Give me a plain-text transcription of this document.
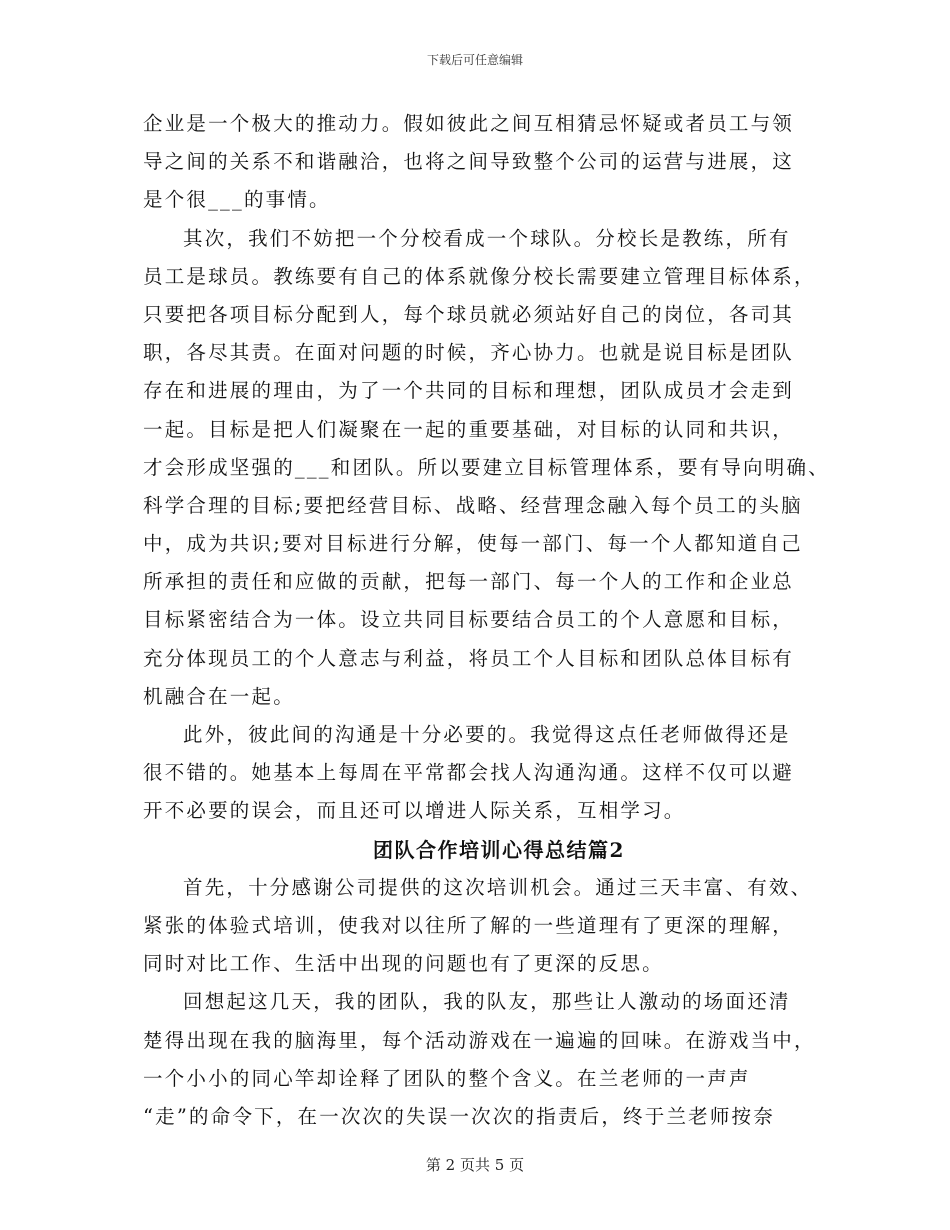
下载后可任意编辑
企业是一个极大的推动力。假如彼此之间互相猜忌怀疑或者员工与领
导之间的关系不和谐融洽，也将之间导致整个公司的运营与进展，这
是个很___的事情。
其次，我们不妨把一个分校看成一个球队。分校长是教练，所有
员工是球员。教练要有自己的体系就像分校长需要建立管理目标体系，
只要把各项目标分配到人，每个球员就必须站好自己的岗位，各司其
职，各尽其责。在面对问题的时候，齐心协力。也就是说目标是团队
存在和进展的理由，为了一个共同的目标和理想，团队成员才会走到
一起。目标是把人们凝聚在一起的重要基础，对目标的认同和共识，
才会形成坚强的___和团队。所以要建立目标管理体系，要有导向明确、
科学合理的目标;要把经营目标、战略、经营理念融入每个员工的头脑
中，成为共识;要对目标进行分解，使每一部门、每一个人都知道自己
所承担的责任和应做的贡献，把每一部门、每一个人的工作和企业总
目标紧密结合为一体。设立共同目标要结合员工的个人意愿和目标，
充分体现员工的个人意志与利益，将员工个人目标和团队总体目标有
机融合在一起。
此外，彼此间的沟通是十分必要的。我觉得这点任老师做得还是
很不错的。她基本上每周在平常都会找人沟通沟通。这样不仅可以避
开不必要的误会，而且还可以增进人际关系，互相学习。
团队合作培训心得总结篇2
首先，十分感谢公司提供的这次培训机会。通过三天丰富、有效、
紧张的体验式培训，使我对以往所了解的一些道理有了更深的理解，
同时对比工作、生活中出现的问题也有了更深的反思。
回想起这几天，我的团队，我的队友，那些让人激动的场面还清
楚得出现在我的脑海里，每个活动游戏在一遍遍的回味。在游戏当中，
一个小小的同心竿却诠释了团队的整个含义。在兰老师的一声声
“走”的命令下，在一次次的失误一次次的指责后，终于兰老师按奈
第 2 页共 5 页
